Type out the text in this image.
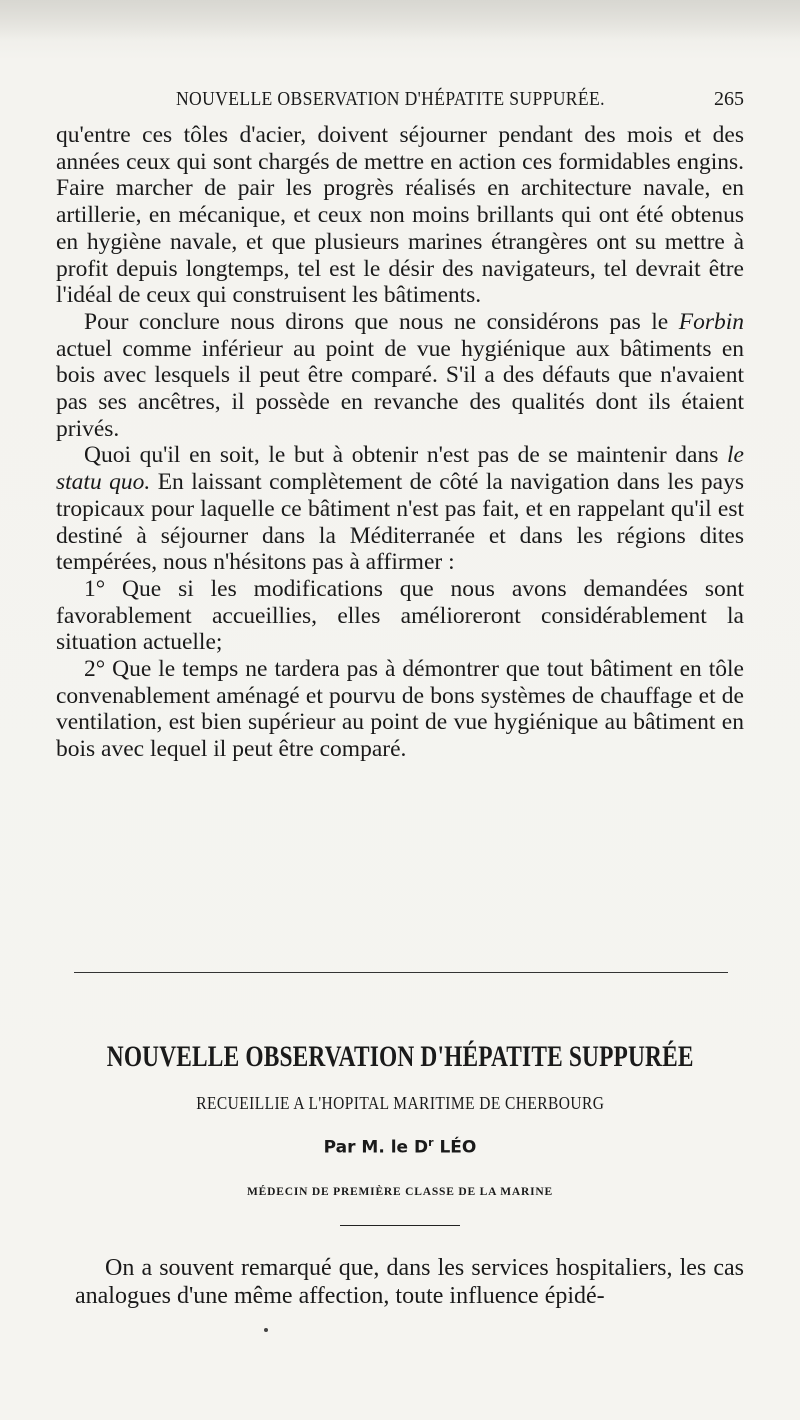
NOUVELLE OBSERVATION D'HÉPATITE SUPPURÉE.	265

qu'entre ces tôles d'acier, doivent séjourner pendant des mois et des années ceux qui sont chargés de mettre en action ces formidables engins. Faire marcher de pair les progrès réalisés en architecture navale, en artillerie, en mécanique, et ceux non moins brillants qui ont été obtenus en hygiène navale, et que plusieurs marines étrangères ont su mettre à profit depuis longtemps, tel est le désir des navigateurs, tel devrait être l'idéal de ceux qui construisent les bâtiments.

Pour conclure nous dirons que nous ne considérons pas le Forbin actuel comme inférieur au point de vue hygiénique aux bâtiments en bois avec lesquels il peut être comparé. S'il a des défauts que n'avaient pas ses ancêtres, il possède en revanche des qualités dont ils étaient privés.

Quoi qu'il en soit, le but à obtenir n'est pas de se maintenir dans le statu quo. En laissant complètement de côté la navigation dans les pays tropicaux pour laquelle ce bâtiment n'est pas fait, et en rappelant qu'il est destiné à séjourner dans la Méditerranée et dans les régions dites tempérées, nous n'hésitons pas à affirmer :

1° Que si les modifications que nous avons demandées sont favorablement accueillies, elles amélioreront considérablement la situation actuelle;

2° Que le temps ne tardera pas à démontrer que tout bâtiment en tôle convenablement aménagé et pourvu de bons systèmes de chauffage et de ventilation, est bien supérieur au point de vue hygiénique au bâtiment en bois avec lequel il peut être comparé.

NOUVELLE OBSERVATION D'HÉPATITE SUPPURÉE
RECUEILLIE A L'HOPITAL MARITIME DE CHERBOURG
Par M. le $D^r$ LÉO
MÉDECIN DE PREMIÈRE CLASSE DE LA MARINE

On a souvent remarqué que, dans les services hospitaliers, les cas analogues d'une même affection, toute influence épidé-
